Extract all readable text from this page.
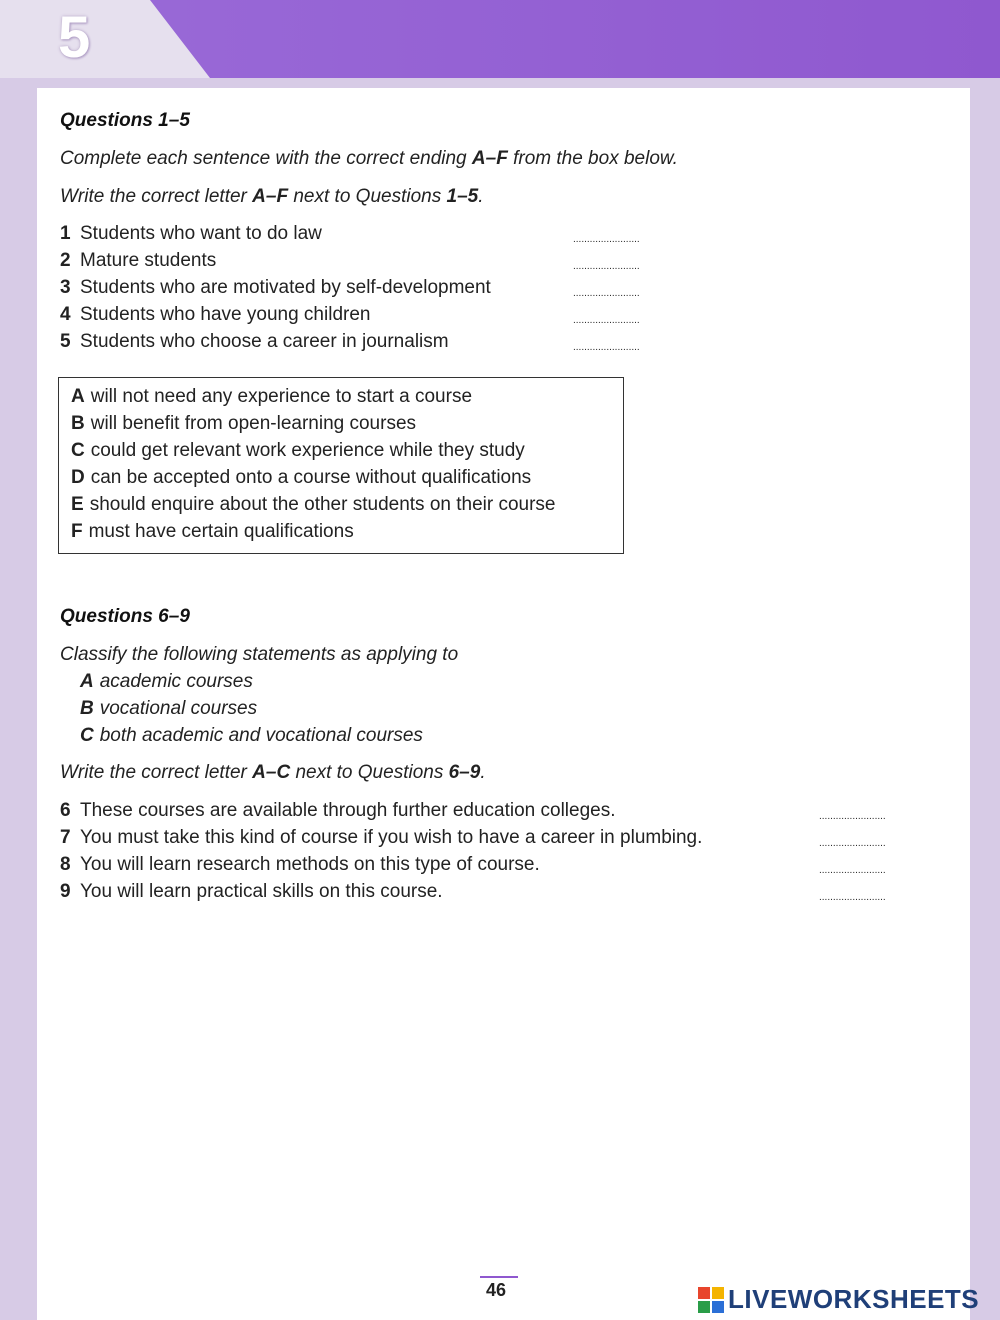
5
Questions 1–5
Complete each sentence with the correct ending A–F from the box below.
Write the correct letter A–F next to Questions 1–5.
1 Students who want to do law	........................
2 Mature students	........................
3 Students who are motivated by self-development	........................
4 Students who have young children	........................
5 Students who choose a career in journalism	........................
A will not need any experience to start a course
B will benefit from open-learning courses
C could get relevant work experience while they study
D can be accepted onto a course without qualifications
E should enquire about the other students on their course
F must have certain qualifications
Questions 6–9
Classify the following statements as applying to
A academic courses
B vocational courses
C both academic and vocational courses
Write the correct letter A–C next to Questions 6–9.
6 These courses are available through further education colleges.	........................
7 You must take this kind of course if you wish to have a career in plumbing.	........................
8 You will learn research methods on this type of course.	........................
9 You will learn practical skills on this course.	........................
46	LIVEWORKSHEETS
